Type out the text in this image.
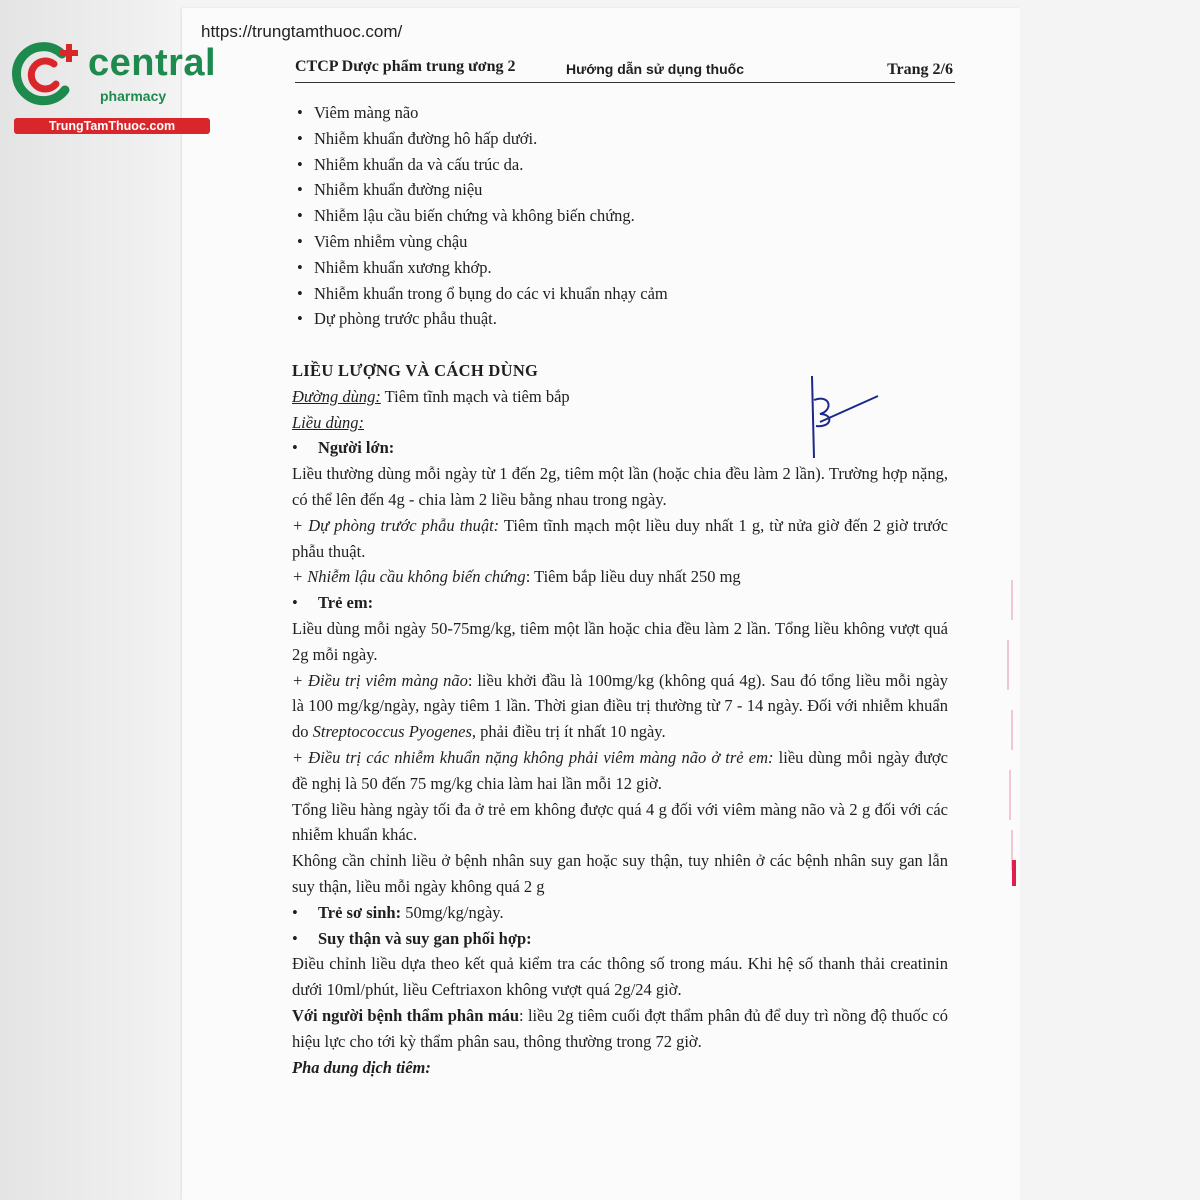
central
pharmacy
TrungTamThuoc.com
https://trungtamthuoc.com/
CTCP Dược phẩm trung ương 2	Hướng dẫn sử dụng thuốc	Trang 2/6
• Viêm màng não
• Nhiễm khuẩn đường hô hấp dưới.
• Nhiễm khuẩn da và cấu trúc da.
• Nhiễm khuẩn đường niệu
• Nhiễm lậu cầu biến chứng và không biến chứng.
• Viêm nhiễm vùng chậu
• Nhiễm khuẩn xương khớp.
• Nhiễm khuẩn trong ổ bụng do các vi khuẩn nhạy cảm
• Dự phòng trước phẫu thuật.

LIỀU LƯỢNG VÀ CÁCH DÙNG

Đường dùng: Tiêm tĩnh mạch và tiêm bắp

Liều dùng:

• Người lớn:

Liều thường dùng mỗi ngày từ 1 đến 2g, tiêm một lần (hoặc chia đều làm 2 lần). Trường hợp nặng, có thể lên đến 4g - chia làm 2 liều bằng nhau trong ngày.

+ Dự phòng trước phẫu thuật: Tiêm tĩnh mạch một liều duy nhất 1 g, từ nửa giờ đến 2 giờ trước phẫu thuật.

+ Nhiễm lậu cầu không biến chứng: Tiêm bắp liều duy nhất 250 mg

• Trẻ em:

Liều dùng mỗi ngày 50-75mg/kg, tiêm một lần hoặc chia đều làm 2 lần. Tổng liều không vượt quá 2g mỗi ngày.

+ Điều trị viêm màng não: liều khởi đầu là 100mg/kg (không quá 4g). Sau đó tổng liều mỗi ngày là 100 mg/kg/ngày, ngày tiêm 1 lần. Thời gian điều trị thường từ 7 - 14 ngày. Đối với nhiễm khuẩn do Streptococcus Pyogenes, phải điều trị ít nhất 10 ngày.

+ Điều trị các nhiễm khuẩn nặng không phải viêm màng não ở trẻ em: liều dùng mỗi ngày được đề nghị là 50 đến 75 mg/kg chia làm hai lần mỗi 12 giờ.

Tổng liều hàng ngày tối đa ở trẻ em không được quá 4 g đối với viêm màng não và 2 g đối với các nhiễm khuẩn khác.

Không cần chỉnh liều ở bệnh nhân suy gan hoặc suy thận, tuy nhiên ở các bệnh nhân suy gan lẫn suy thận, liều mỗi ngày không quá 2 g

• Trẻ sơ sinh: 50mg/kg/ngày.

• Suy thận và suy gan phối hợp:

Điều chỉnh liều dựa theo kết quả kiểm tra các thông số trong máu. Khi hệ số thanh thải creatinin dưới 10ml/phút, liều Ceftriaxon không vượt quá 2g/24 giờ.

Với người bệnh thẩm phân máu: liều 2g tiêm cuối đợt thẩm phân đủ để duy trì nồng độ thuốc có hiệu lực cho tới kỳ thẩm phân sau, thông thường trong 72 giờ.

Pha dung dịch tiêm:
